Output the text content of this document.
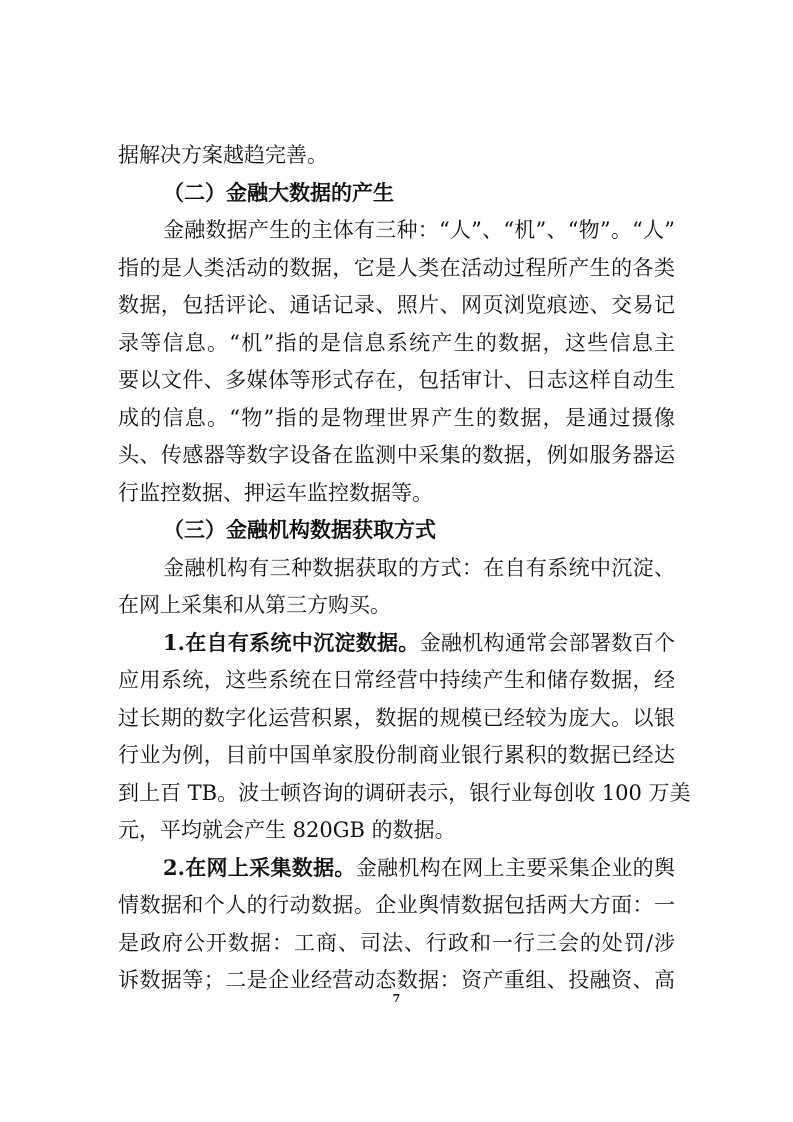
据解决方案越趋完善。
（二）金融大数据的产生
金融数据产生的主体有三种：“人”、“机”、“物”。“人”
指的是人类活动的数据，它是人类在活动过程所产生的各类
数据，包括评论、通话记录、照片、网页浏览痕迹、交易记
录等信息。“机”指的是信息系统产生的数据，这些信息主
要以文件、多媒体等形式存在，包括审计、日志这样自动生
成的信息。“物”指的是物理世界产生的数据，是通过摄像
头、传感器等数字设备在监测中采集的数据，例如服务器运
行监控数据、押运车监控数据等。
（三）金融机构数据获取方式
金融机构有三种数据获取的方式：在自有系统中沉淀、
在网上采集和从第三方购买。
1.在自有系统中沉淀数据。金融机构通常会部署数百个
应用系统，这些系统在日常经营中持续产生和储存数据，经
过长期的数字化运营积累，数据的规模已经较为庞大。以银
行业为例，目前中国单家股份制商业银行累积的数据已经达
到上百 TB。波士顿咨询的调研表示，银行业每创收 100 万美
元，平均就会产生 820GB 的数据。
2.在网上采集数据。金融机构在网上主要采集企业的舆
情数据和个人的行动数据。企业舆情数据包括两大方面：一
是政府公开数据：工商、司法、行政和一行三会的处罚/涉
诉数据等；二是企业经营动态数据：资产重组、投融资、高
7
